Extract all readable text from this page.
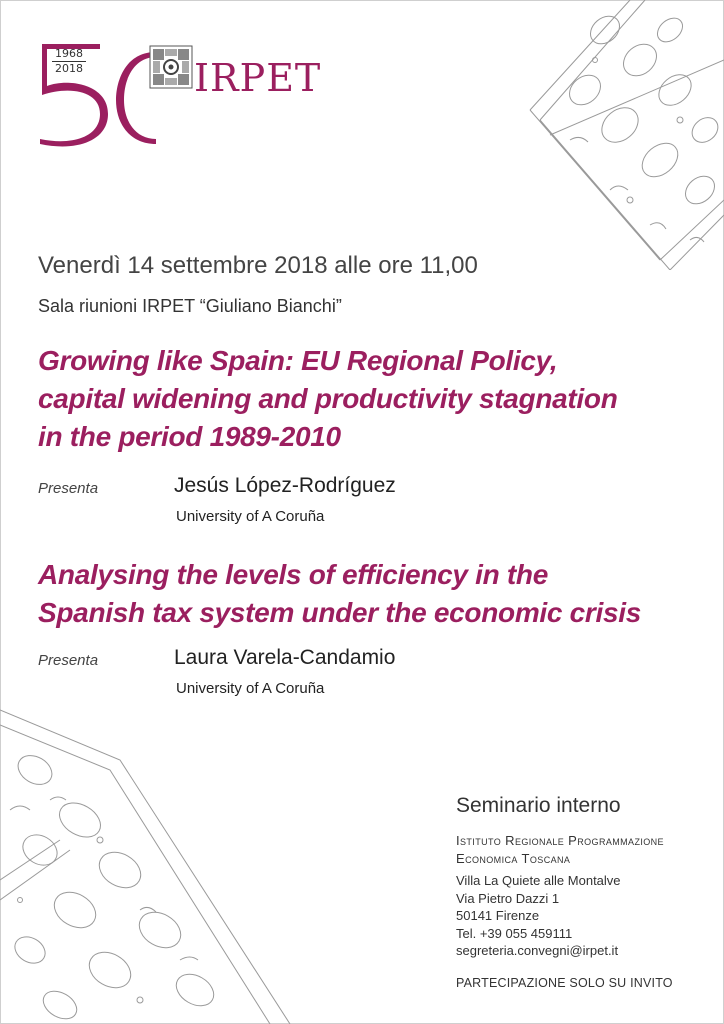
1968
2018	IRPET
Venerdì 14 settembre 2018 alle ore 11,00
Sala riunioni IRPET “Giuliano Bianchi”
Growing like Spain: EU Regional Policy,
capital widening and productivity stagnation
in the period 1989-2010
Presenta	Jesús López-Rodríguez
University of A Coruña
Analysing the levels of efficiency in the
Spanish tax system under the economic crisis
Presenta	Laura Varela-Candamio
University of A Coruña
Seminario interno
Istituto Regionale Programmazione
Economica Toscana
Villa La Quiete alle Montalve
Via Pietro Dazzi 1
50141 Firenze
Tel. +39 055 459111
segreteria.convegni@irpet.it
PARTECIPAZIONE SOLO SU INVITO
